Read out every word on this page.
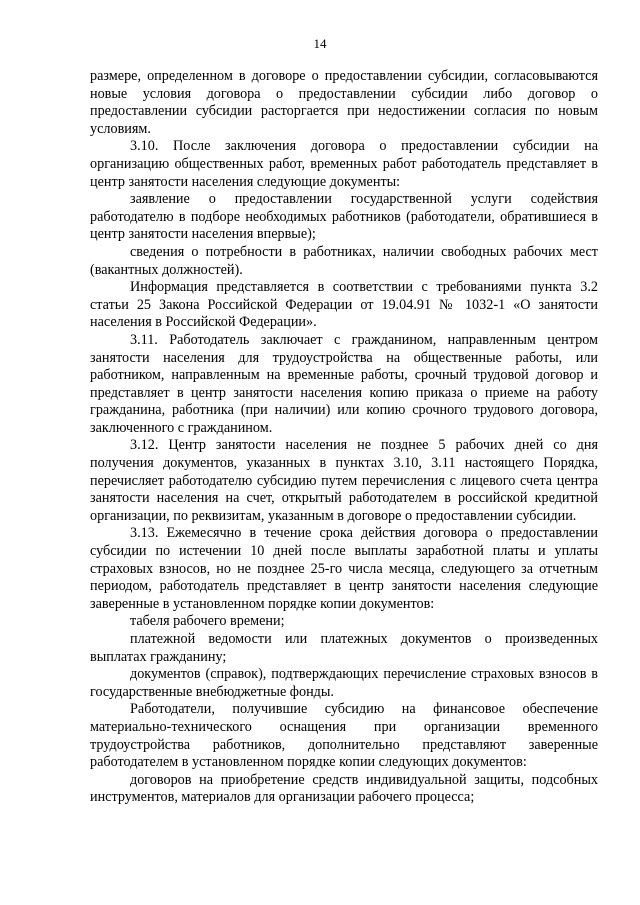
14

размере, определенном в договоре о предоставлении субсидии, согласовываются новые условия договора о предоставлении субсидии либо договор о предоставлении субсидии расторгается при недостижении согласия по новым условиям.

3.10. После заключения договора о предоставлении субсидии на организацию общественных работ, временных работ работодатель представляет в центр занятости населения следующие документы:

заявление о предоставлении государственной услуги содействия работодателю в подборе необходимых работников (работодатели, обратившиеся в центр занятости населения впервые);

сведения о потребности в работниках, наличии свободных рабочих мест (вакантных должностей).

Информация представляется в соответствии с требованиями пункта 3.2 статьи 25 Закона Российской Федерации от 19.04.91 № 1032-1 «О занятости населения в Российской Федерации».

3.11. Работодатель заключает с гражданином, направленным центром занятости населения для трудоустройства на общественные работы, или работником, направленным на временные работы, срочный трудовой договор и представляет в центр занятости населения копию приказа о приеме на работу гражданина, работника (при наличии) или копию срочного трудового договора, заключенного с гражданином.

3.12. Центр занятости населения не позднее 5 рабочих дней со дня получения документов, указанных в пунктах 3.10, 3.11 настоящего Порядка, перечисляет работодателю субсидию путем перечисления с лицевого счета центра занятости населения на счет, открытый работодателем в российской кредитной организации, по реквизитам, указанным в договоре о предоставлении субсидии.

3.13. Ежемесячно в течение срока действия договора о предоставлении субсидии по истечении 10 дней после выплаты заработной платы и уплаты страховых взносов, но не позднее 25-го числа месяца, следующего за отчетным периодом, работодатель представляет в центр занятости населения следующие заверенные в установленном порядке копии документов:

табеля рабочего времени;

платежной ведомости или платежных документов о произведенных выплатах гражданину;

документов (справок), подтверждающих перечисление страховых взносов в государственные внебюджетные фонды.

Работодатели, получившие субсидию на финансовое обеспечение материально-технического оснащения при организации временного трудоустройства работников, дополнительно представляют заверенные работодателем в установленном порядке копии следующих документов:

договоров на приобретение средств индивидуальной защиты, подсобных инструментов, материалов для организации рабочего процесса;
